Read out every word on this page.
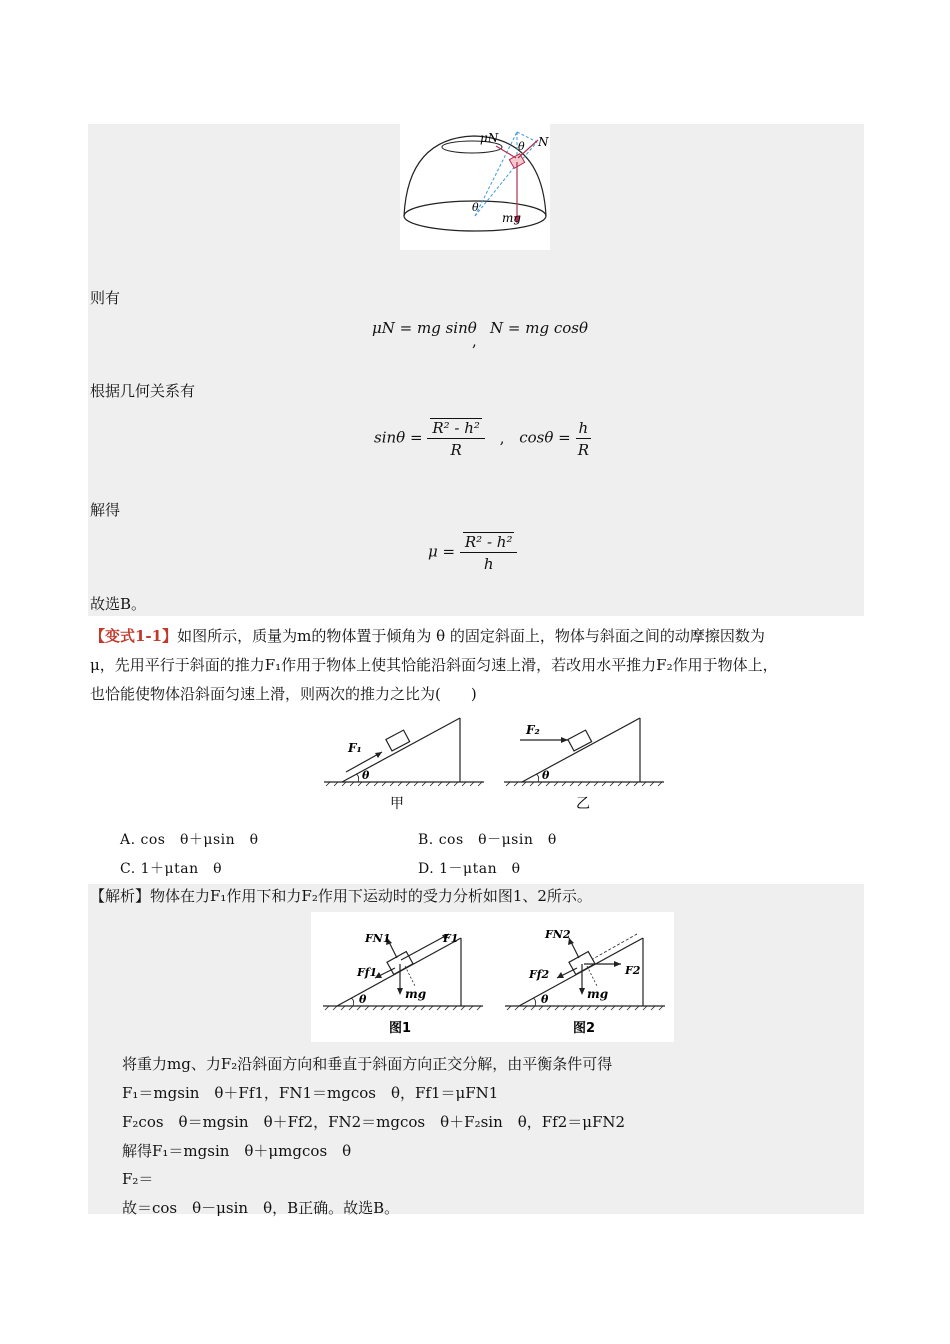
μN	N
θ
θ
mg
则有
μN = mg sinθ
,
N = mg cosθ
根据几何关系有
$\sin\theta = \frac{\text{R² - h²}}{R}$ , $\cos\theta = \frac{h}{R}$
解得
$\mu = \frac{\text{R² - h²}}{h}$
故选B。
【变式1-1】如图所示，质量为m的物体置于倾角为 θ 的固定斜面上，物体与斜面之间的动摩擦因数为
μ，先用平行于斜面的推力F₁作用于物体上使其恰能沿斜面匀速上滑，若改用水平推力F₂作用于物体上，
也恰能使物体沿斜面匀速上滑，则两次的推力之比为(　　)
F₁
θ
甲
F₂
θ
乙
A. cos　θ＋μsin　θ	B. cos　θ－μsin　θ
C. 1＋μtan　θ	D. 1－μtan　θ
【解析】物体在力F₁作用下和力F₂作用下运动时的受力分析如图1、2所示。
FN1	F1
Ff1
mg
θ
图1
FN2
Ff2	F2
mg
θ
图2
将重力mg、力F₂沿斜面方向和垂直于斜面方向正交分解，由平衡条件可得
F₁＝mgsin　θ＋Ff1，FN1＝mgcos　θ，Ff1＝μFN1
F₂cos　θ＝mgsin　θ＋Ff2，FN2＝mgcos　θ＋F₂sin　θ，Ff2＝μFN2
解得F₁＝mgsin　θ＋μmgcos　θ
F₂＝
故＝cos　θ－μsin　θ，B正确。故选B。
